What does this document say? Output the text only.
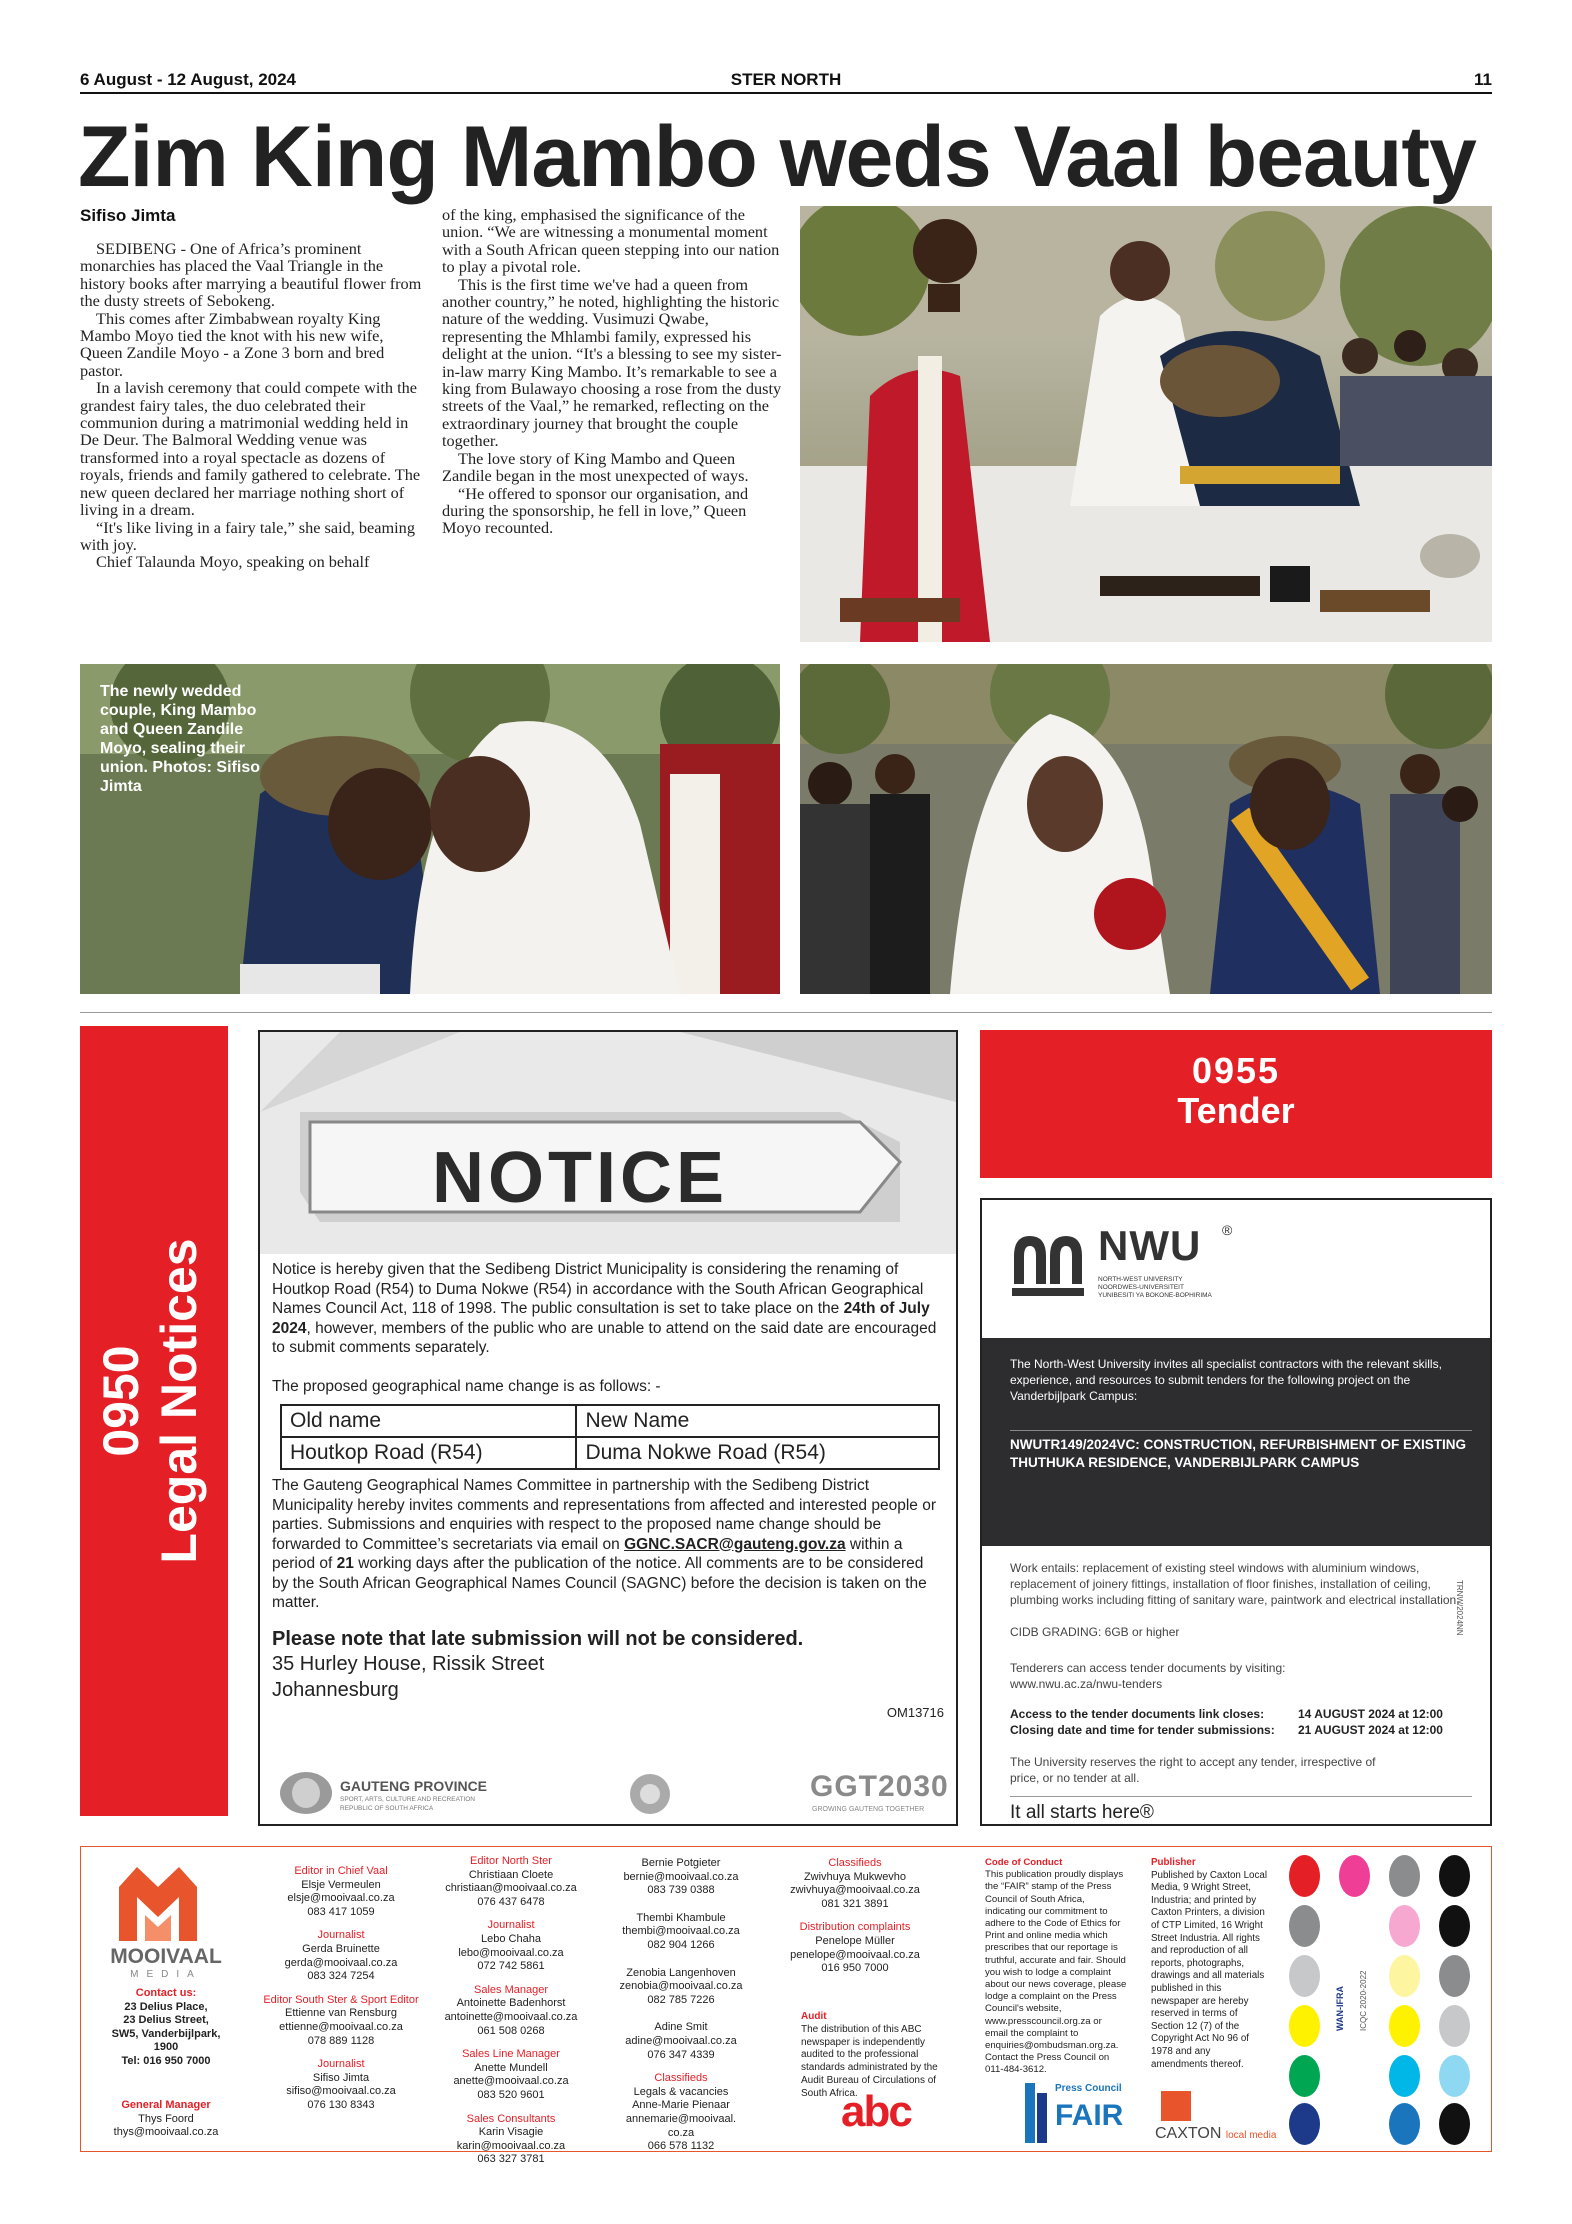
6 August - 12 August, 2024	STER NORTH	11
Zim King Mambo weds Vaal beauty
Sifiso Jimta

SEDIBENG - One of Africa’s prominent monarchies has placed the Vaal Triangle in the history books after marrying a beautiful flower from the dusty streets of Sebokeng.

This comes after Zimbabwean royalty King Mambo Moyo tied the knot with his new wife, Queen Zandile Moyo - a Zone 3 born and bred pastor.

In a lavish ceremony that could compete with the grandest fairy tales, the duo celebrated their communion during a matrimonial wedding held in De Deur. The Balmoral Wedding venue was transformed into a royal spectacle as dozens of royals, friends and family gathered to celebrate. The new queen declared her marriage nothing short of living in a dream.

“It's like living in a fairy tale,” she said, beaming with joy.

Chief Talaunda Moyo, speaking on behalf

of the king, emphasised the significance of the union. “We are witnessing a monumental moment with a South African queen stepping into our nation to play a pivotal role.

This is the first time we've had a queen from another country,” he noted, highlighting the historic nature of the wedding. Vusimuzi Qwabe, representing the Mhlambi family, expressed his delight at the union. “It's a blessing to see my sister-in-law marry King Mambo. It’s remarkable to see a king from Bulawayo choosing a rose from the dusty streets of the Vaal,” he remarked, reflecting on the extraordinary journey that brought the couple together.

The love story of King Mambo and Queen Zandile began in the most unexpected of ways.

“He offered to sponsor our organisation, and during the sponsorship, he fell in love,” Queen Moyo recounted.

The newly wedded couple, King Mambo and Queen Zandile Moyo, sealing their union. Photos: Sifiso Jimta
0950 Legal Notices
NOTICE

Notice is hereby given that the Sedibeng District Municipality is considering the renaming of Houtkop Road (R54) to Duma Nokwe (R54) in accordance with the South African Geographical Names Council Act, 118 of 1998. The public consultation is set to take place on the 24th of July 2024, however, members of the public who are unable to attend on the said date are encouraged to submit comments separately.

The proposed geographical name change is as follows: -

Old name	New Name
Houtkop Road (R54)	Duma Nokwe Road (R54)

The Gauteng Geographical Names Committee in partnership with the Sedibeng District Municipality hereby invites comments and representations from affected and interested people or parties. Submissions and enquiries with respect to the proposed name change should be forwarded to Committee’s secretariats via email on GGNC.SACR@gauteng.gov.za within a period of 21 working days after the publication of the notice. All comments are to be considered by the South African Geographical Names Council (SAGNC) before the decision is taken on the matter.

Please note that late submission will not be considered.

35 Hurley House, Rissik Street

Johannesburg

OM13716

GAUTENG PROVINCE
SPORT, ARTS, CULTURE AND RECREATION
REPUBLIC OF SOUTH AFRICA
GGT2030
GROWING GAUTENG TOGETHER
0955
Tender
NWU ®
NORTH-WEST UNIVERSITY
NOORDWES-UNIVERSITEIT
YUNIBESITI YA BOKONE-BOPHIRIMA
The North-West University invites all specialist contractors with the relevant skills, experience, and resources to submit tenders for the following project on the Vanderbijlpark Campus:
NWUTR149/2024VC: CONSTRUCTION, REFURBISHMENT OF EXISTING THUTHUKA RESIDENCE, VANDERBIJLPARK CAMPUS
Work entails: replacement of existing steel windows with aluminium windows, replacement of joinery fittings, installation of floor finishes, installation of ceiling, plumbing works including fitting of sanitary ware, paintwork and electrical installation.
CIDB GRADING: 6GB or higher
Tenderers can access tender documents by visiting:
www.nwu.ac.za/nwu-tenders
Access to the tender documents link closes:	14 AUGUST 2024 at 12:00
Closing date and time for tender submissions: 21 AUGUST 2024 at 12:00
The University reserves the right to accept any tender, irrespective of price, or no tender at all.
It all starts here®
TRNW/2024NN
MOOIVAAL
MEDIA
Contact us:
23 Delius Place,
23 Delius Street,
SW5, Vanderbijlpark,
1900
Tel: 016 950 7000
General Manager
Thys Foord
thys@mooivaal.co.za
Editor in Chief Vaal
Elsje Vermeulen
elsje@mooivaal.co.za
083 417 1059
Journalist
Gerda Bruinette
gerda@mooivaal.co.za
083 324 7254
Editor South Ster & Sport Editor
Ettienne van Rensburg
ettienne@mooivaal.co.za
078 889 1128
Journalist
Sifiso Jimta
sifiso@mooivaal.co.za
076 130 8343
Editor North Ster
Christiaan Cloete
christiaan@mooivaal.co.za
076 437 6478
Journalist
Lebo Chaha
lebo@mooivaal.co.za
072 742 5861
Sales Manager
Antoinette Badenhorst
antoinette@mooivaal.co.za
061 508 0268
Sales Line Manager
Anette Mundell
anette@mooivaal.co.za
083 520 9601
Sales Consultants
Karin Visagie
karin@mooivaal.co.za
063 327 3781
Bernie Potgieter
bernie@mooivaal.co.za
083 739 0388
Thembi Khambule
thembi@mooivaal.co.za
082 904 1266
Zenobia Langenhoven
zenobia@mooivaal.co.za
082 785 7226
Adine Smit
adine@mooivaal.co.za
076 347 4339
Classifieds
Legals & vacancies
Anne-Marie Pienaar
annemarie@mooivaal.
co.za
066 578 1132
Classifieds
Zwivhuya Mukwevho
zwivhuya@mooivaal.co.za
081 321 3891
Distribution complaints
Penelope Müller
penelope@mooivaal.co.za
016 950 7000
Audit
The distribution of this ABC newspaper is independently audited to the professional standards administrated by the Audit Bureau of Circulations of South Africa.
abc
Code of Conduct
This publication proudly displays the “FAIR” stamp of the Press Council of South Africa, indicating our commitment to adhere to the Code of Ethics for Print and online media which prescribes that our reportage is truthful, accurate and fair. Should you wish to lodge a complaint about our news coverage, please lodge a complaint on the Press Council's website, www.presscouncil.org.za or email the complaint to enquiries@ombudsman.org.za. Contact the Press Council on 011-484-3612.
Press Council
FAIR
Publisher
Published by Caxton Local Media, 9 Wright Street, Industria; and printed by Caxton Printers, a division of CTP Limited, 16 Wright Street Industria. All rights and reproduction of all reports, photographs, drawings and all materials published in this newspaper are hereby reserved in terms of Section 12 (7) of the Copyright Act No 96 of 1978 and any amendments thereof.
CAXTON local media
WAN-IFRA ICQC 2020-2022
